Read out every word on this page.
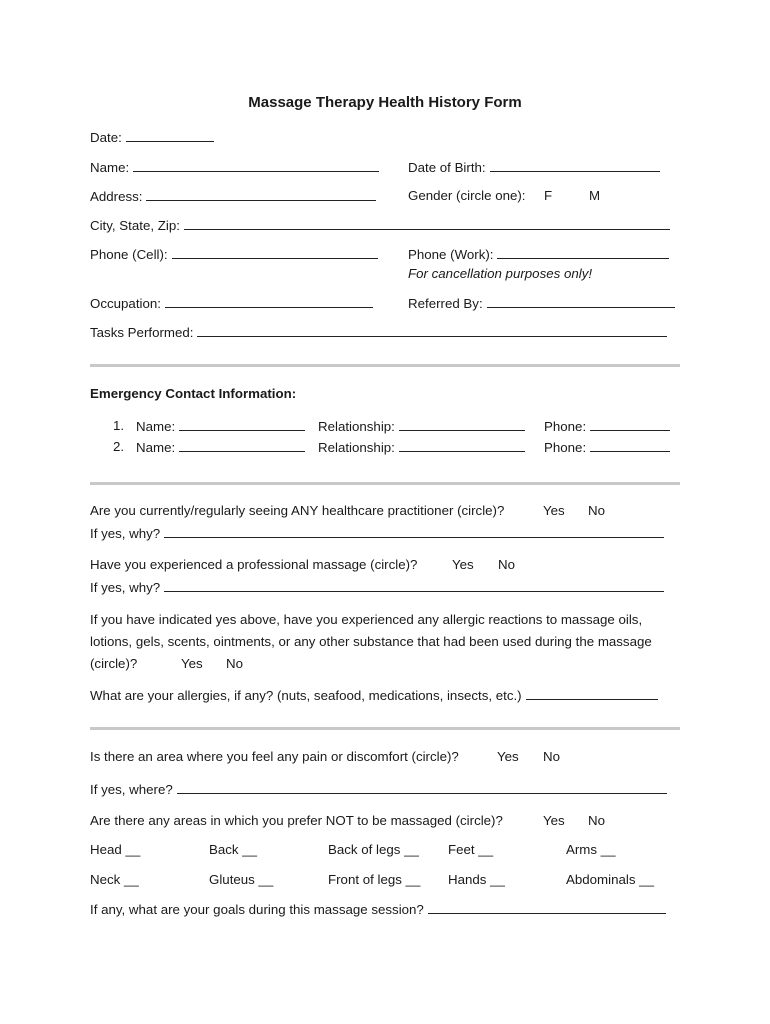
Massage Therapy Health History Form
Date:
Name:	Date of Birth:
Address:	Gender (circle one): F	M
City, State, Zip:
Phone (Cell):	Phone (Work):
For cancellation purposes only!
Occupation:	Referred By:
Tasks Performed:
Emergency Contact Information:
1. Name:	Relationship:	Phone:
2. Name:	Relationship:	Phone:
Are you currently/regularly seeing ANY healthcare practitioner (circle)?	Yes No
If yes, why?
Have you experienced a professional massage (circle)?	Yes No
If yes, why?
If you have indicated yes above, have you experienced any allergic reactions to massage oils,
lotions, gels, scents, ointments, or any other substance that had been used during the massage
(circle)?	Yes No
What are your allergies, if any? (nuts, seafood, medications, insects, etc.)
Is there an area where you feel any pain or discomfort (circle)?	Yes No
If yes, where?
Are there any areas in which you prefer NOT to be massaged (circle)?	Yes No
Head __	Back __	Back of legs __ Feet __	Arms __
Neck __	Gluteus __	Front of legs __ Hands __	Abdominals __
If any, what are your goals during this massage session?
